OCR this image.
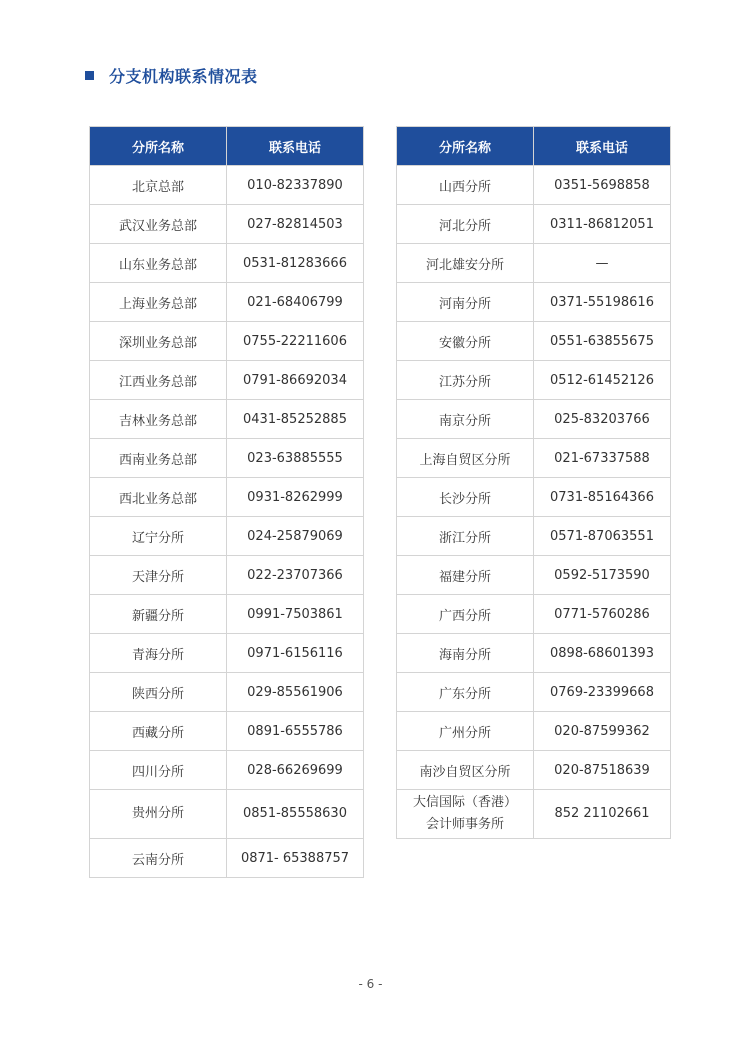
分支机构联系情况表
分所名称	联系电话
北京总部	010-82337890
武汉业务总部	027-82814503
山东业务总部	0531-81283666
上海业务总部	021-68406799
深圳业务总部	0755-22211606
江西业务总部	0791-86692034
吉林业务总部	0431-85252885
西南业务总部	023-63885555
西北业务总部	0931-8262999
辽宁分所	024-25879069
天津分所	022-23707366
新疆分所	0991-7503861
青海分所	0971-6156116
陕西分所	029-85561906
西藏分所	0891-6555786
四川分所	028-66269699
贵州分所	0851-85558630
云南分所	0871- 65388757
分所名称	联系电话
山西分所	0351-5698858
河北分所	0311-86812051
河北雄安分所	—
河南分所	0371-55198616
安徽分所	0551-63855675
江苏分所	0512-61452126
南京分所	025-83203766
上海自贸区分所	021-67337588
长沙分所	0731-85164366
浙江分所	0571-87063551
福建分所	0592-5173590
广西分所	0771-5760286
海南分所	0898-68601393
广东分所	0769-23399668
广州分所	020-87599362
南沙自贸区分所	020-87518639

大信国际（香港）
会计师事务所	852 21102661
- 6 -
